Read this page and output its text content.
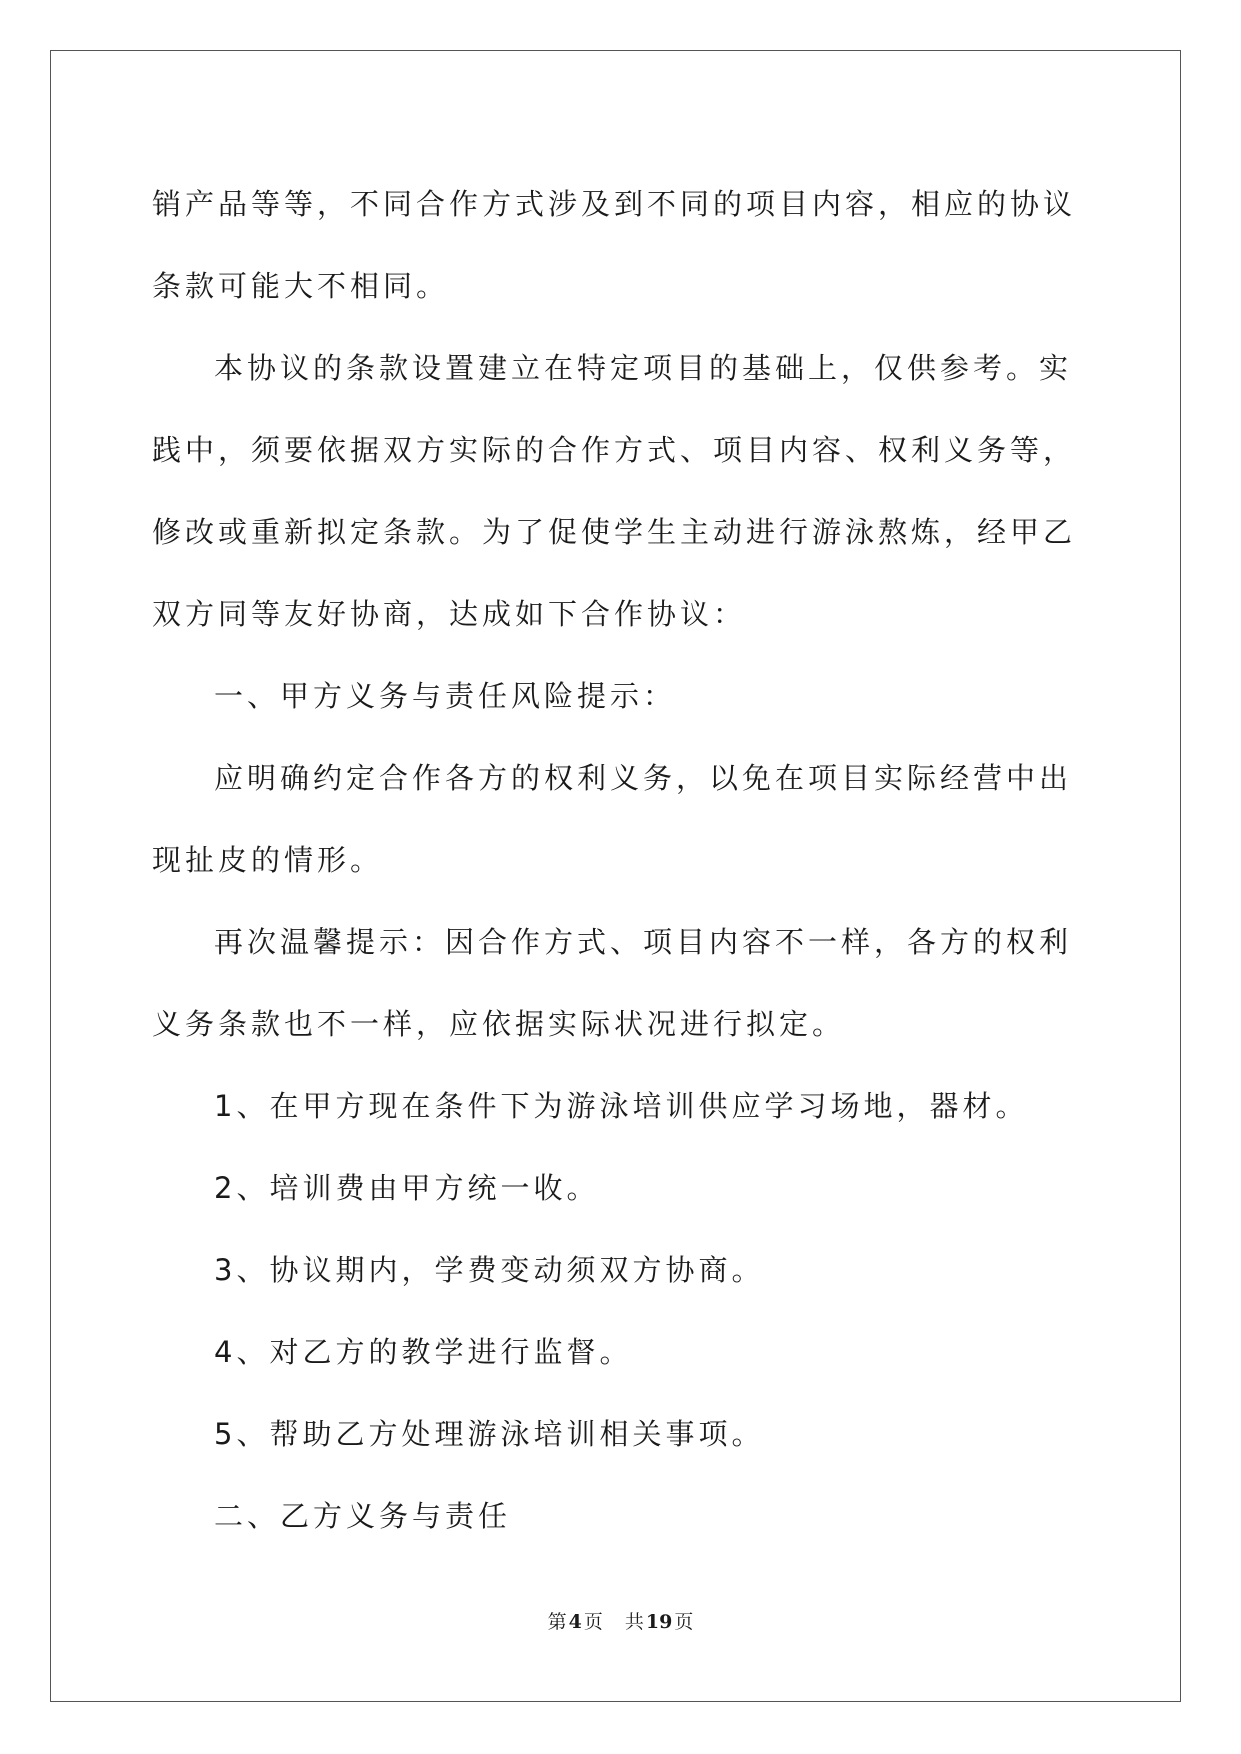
销产品等等，不同合作方式涉及到不同的项目内容，相应的协议条款可能大不相同。

本协议的条款设置建立在特定项目的基础上，仅供参考。实践中，须要依据双方实际的合作方式、项目内容、权利义务等，修改或重新拟定条款。为了促使学生主动进行游泳熬炼，经甲乙双方同等友好协商，达成如下合作协议：

一、甲方义务与责任风险提示：

应明确约定合作各方的权利义务，以免在项目实际经营中出现扯皮的情形。

再次温馨提示：因合作方式、项目内容不一样，各方的权利义务条款也不一样，应依据实际状况进行拟定。

1、在甲方现在条件下为游泳培训供应学习场地，器材。

2、培训费由甲方统一收。

3、协议期内，学费变动须双方协商。

4、对乙方的教学进行监督。

5、帮助乙方处理游泳培训相关事项。

二、乙方义务与责任

第 4 页 共 19 页
